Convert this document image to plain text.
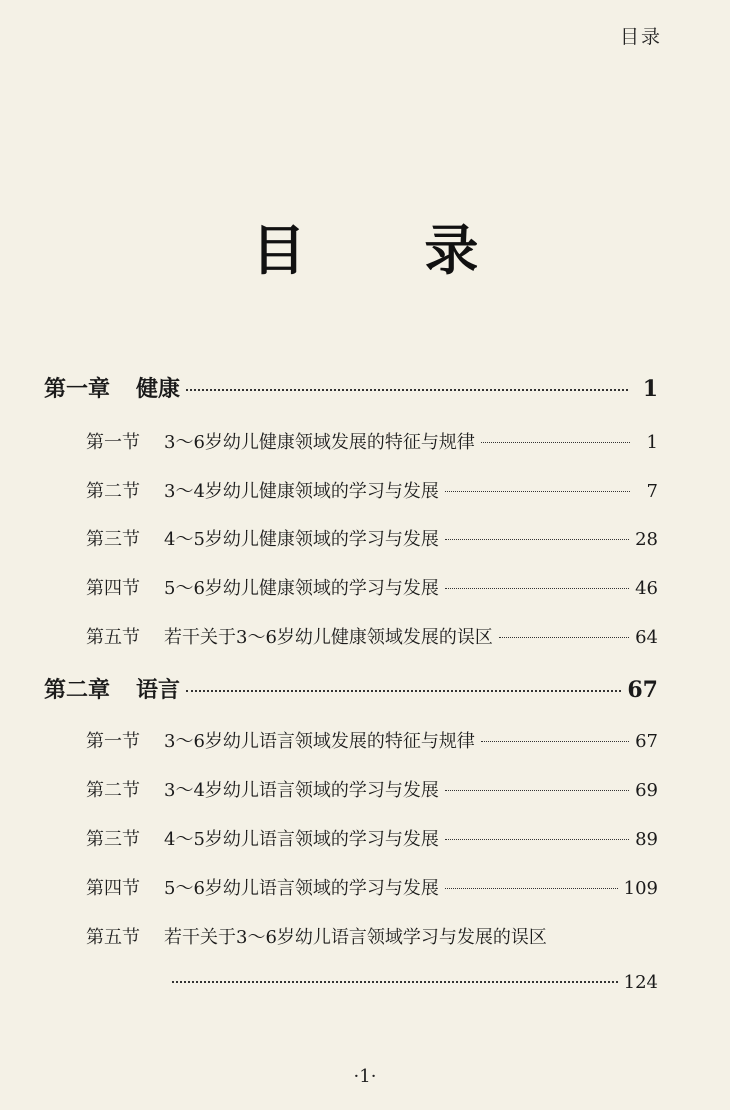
目录
目 录
第一章 健康	1
第一节 3～6岁幼儿健康领域发展的特征与规律	1
第二节 3～4岁幼儿健康领域的学习与发展	7
第三节 4～5岁幼儿健康领域的学习与发展	28
第四节 5～6岁幼儿健康领域的学习与发展	46
第五节 若干关于3～6岁幼儿健康领域发展的误区	64
第二章 语言	67
第一节 3～6岁幼儿语言领域发展的特征与规律	67
第二节 3～4岁幼儿语言领域的学习与发展	69
第三节 4～5岁幼儿语言领域的学习与发展	89
第四节 5～6岁幼儿语言领域的学习与发展	109
第五节 若干关于3～6岁幼儿语言领域学习与发展的误区
124
·1·
